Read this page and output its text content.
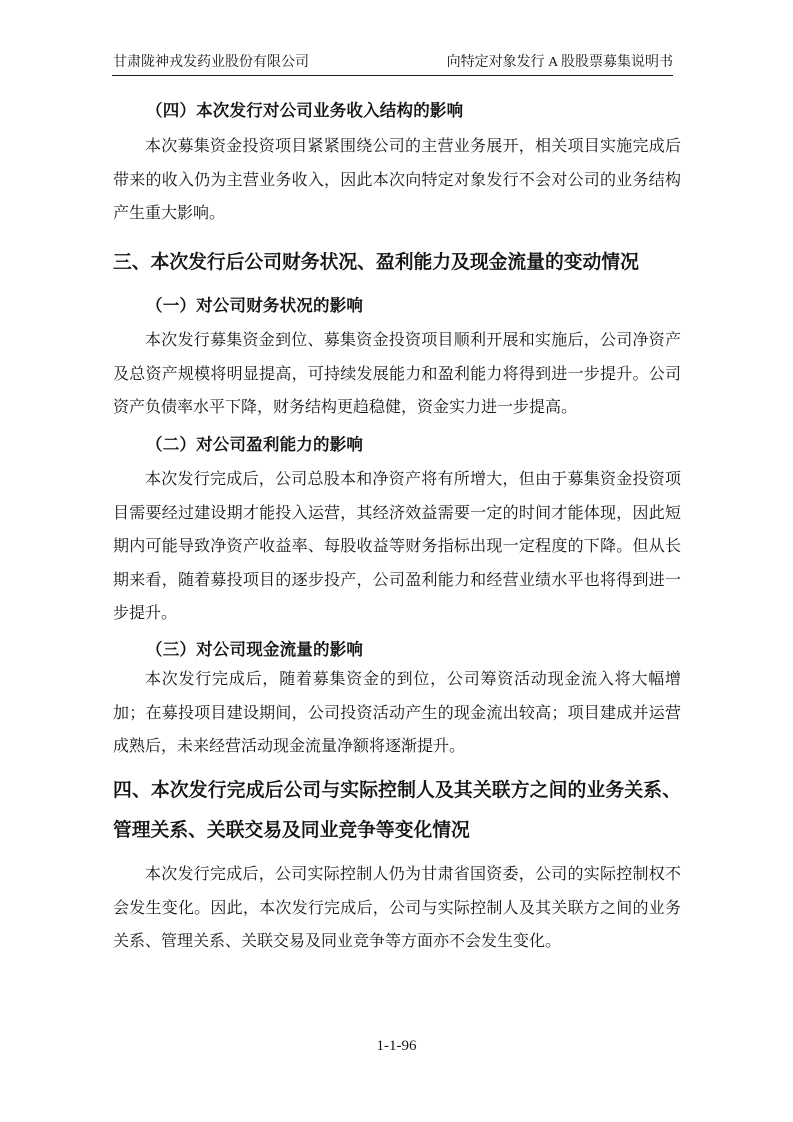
甘肃陇神戎发药业股份有限公司	向特定对象发行 A 股股票募集说明书
（四）本次发行对公司业务收入结构的影响
本次募集资金投资项目紧紧围绕公司的主营业务展开，相关项目实施完成后带来的收入仍为主营业务收入，因此本次向特定对象发行不会对公司的业务结构产生重大影响。
三、本次发行后公司财务状况、盈利能力及现金流量的变动情况
（一）对公司财务状况的影响
本次发行募集资金到位、募集资金投资项目顺利开展和实施后，公司净资产及总资产规模将明显提高，可持续发展能力和盈利能力将得到进一步提升。公司资产负债率水平下降，财务结构更趋稳健，资金实力进一步提高。
（二）对公司盈利能力的影响
本次发行完成后，公司总股本和净资产将有所增大，但由于募集资金投资项目需要经过建设期才能投入运营，其经济效益需要一定的时间才能体现，因此短期内可能导致净资产收益率、每股收益等财务指标出现一定程度的下降。但从长期来看，随着募投项目的逐步投产，公司盈利能力和经营业绩水平也将得到进一步提升。
（三）对公司现金流量的影响
本次发行完成后，随着募集资金的到位，公司筹资活动现金流入将大幅增加；在募投项目建设期间，公司投资活动产生的现金流出较高；项目建成并运营成熟后，未来经营活动现金流量净额将逐渐提升。
四、本次发行完成后公司与实际控制人及其关联方之间的业务关系、管理关系、关联交易及同业竞争等变化情况
本次发行完成后，公司实际控制人仍为甘肃省国资委，公司的实际控制权不会发生变化。因此，本次发行完成后，公司与实际控制人及其关联方之间的业务关系、管理关系、关联交易及同业竞争等方面亦不会发生变化。
1-1-96
